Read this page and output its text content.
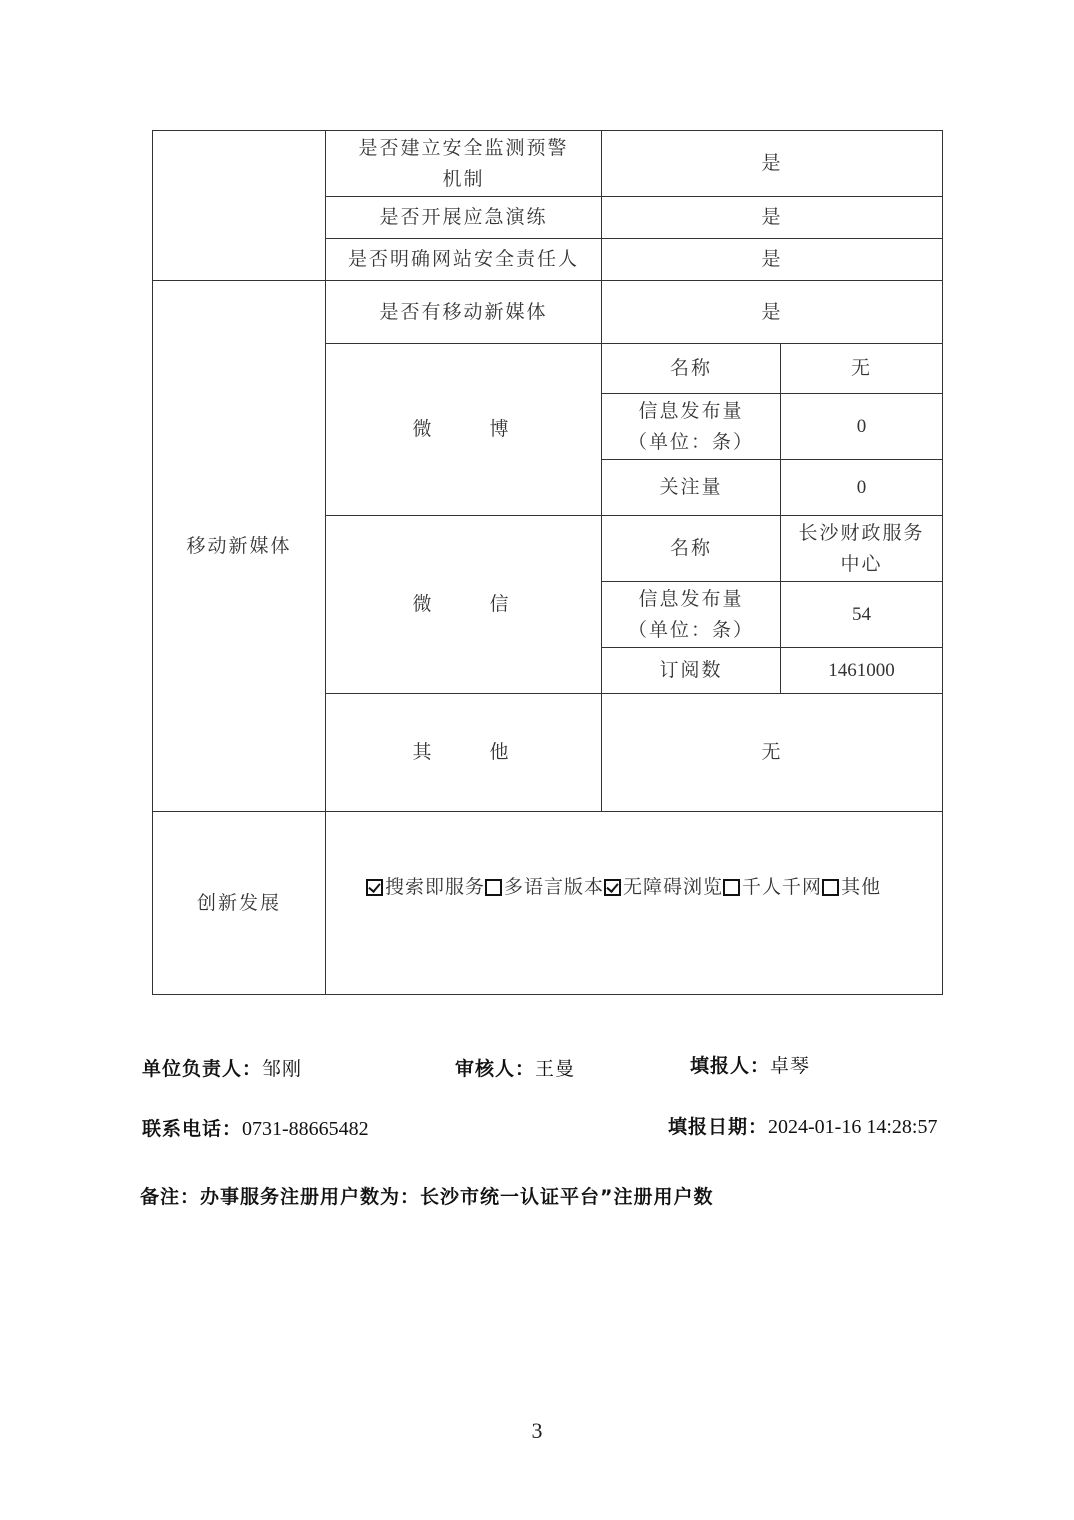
	是否建立安全监测预警
机制	是	
	是否开展应急演练	是	
	是否明确网站安全责任人	是	
移动新媒体	是否有移动新媒体	是	
	微 博	名称	无
		信息发布量
（单位：条）	0
		关注量	0
	微 信	名称	长沙财政服务
中心
		信息发布量
（单位：条）	54
		订阅数	1461000
	其 他	无	
创新发展	搜索即服务 多语言版本 无障碍浏览 千人千网 其他		
单位负责人：邹刚	审核人：王曼	填报人：卓琴
联系电话：0731-88665482	填报日期：2024-01-16 14:28:57
备注：办事服务注册用户数为：长沙市统一认证平台”注册用户数
3
